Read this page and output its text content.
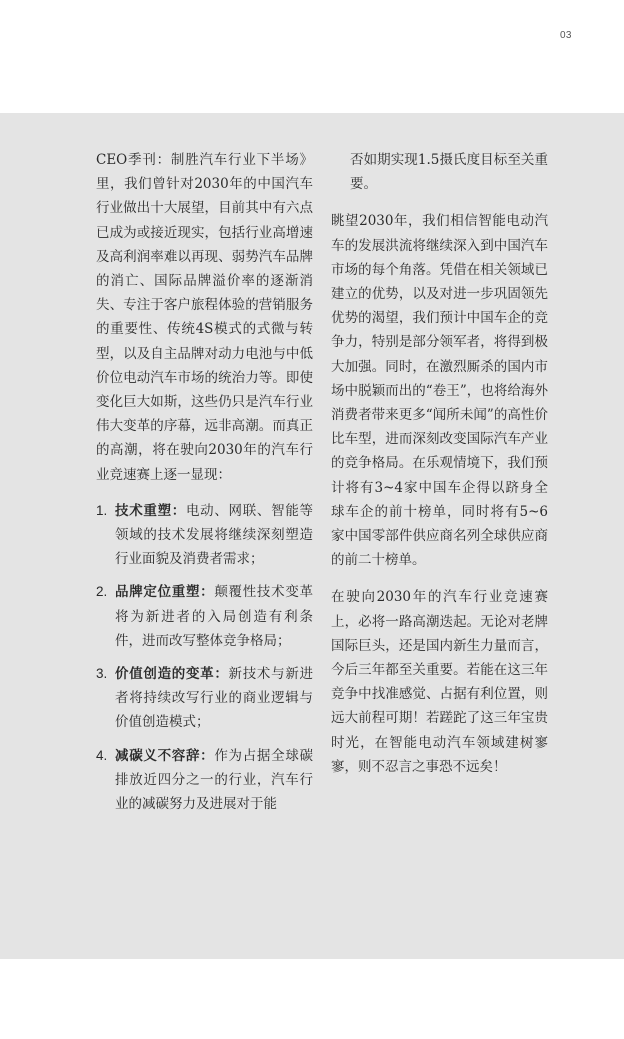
03

CEO季刊：制胜汽车行业下半场》里，我们曾针对2030年的中国汽车行业做出十大展望，目前其中有六点已成为或接近现实，包括行业高增速及高利润率难以再现、弱势汽车品牌的消亡、国际品牌溢价率的逐渐消失、专注于客户旅程体验的营销服务的重要性、传统4S模式的式微与转型，以及自主品牌对动力电池与中低价位电动汽车市场的统治力等。即使变化巨大如斯，这些仍只是汽车行业伟大变革的序幕，远非高潮。而真正的高潮，将在驶向2030年的汽车行业竞速赛上逐一显现：

1. 技术重塑：电动、网联、智能等领域的技术发展将继续深刻塑造行业面貌及消费者需求；
2. 品牌定位重塑：颠覆性技术变革将为新进者的入局创造有利条件，进而改写整体竞争格局；
3. 价值创造的变革：新技术与新进者将持续改写行业的商业逻辑与价值创造模式；
4. 减碳义不容辞：作为占据全球碳排放近四分之一的行业，汽车行业的减碳努力及进展对于能

否如期实现1.5摄氏度目标至关重要。

眺望2030年，我们相信智能电动汽车的发展洪流将继续深入到中国汽车市场的每个角落。凭借在相关领域已建立的优势，以及对进一步巩固领先优势的渴望，我们预计中国车企的竞争力，特别是部分领军者，将得到极大加强。同时，在激烈厮杀的国内市场中脱颖而出的“卷王”，也将给海外消费者带来更多“闻所未闻”的高性价比车型，进而深刻改变国际汽车产业的竞争格局。在乐观情境下，我们预计将有3~4家中国车企得以跻身全球车企的前十榜单，同时将有5~6家中国零部件供应商名列全球供应商的前二十榜单。

在驶向2030年的汽车行业竞速赛上，必将一路高潮迭起。无论对老牌国际巨头，还是国内新生力量而言，今后三年都至关重要。若能在这三年竞争中找准感觉、占据有利位置，则远大前程可期！若蹉跎了这三年宝贵时光，在智能电动汽车领域建树寥寥，则不忍言之事恐不远矣！
